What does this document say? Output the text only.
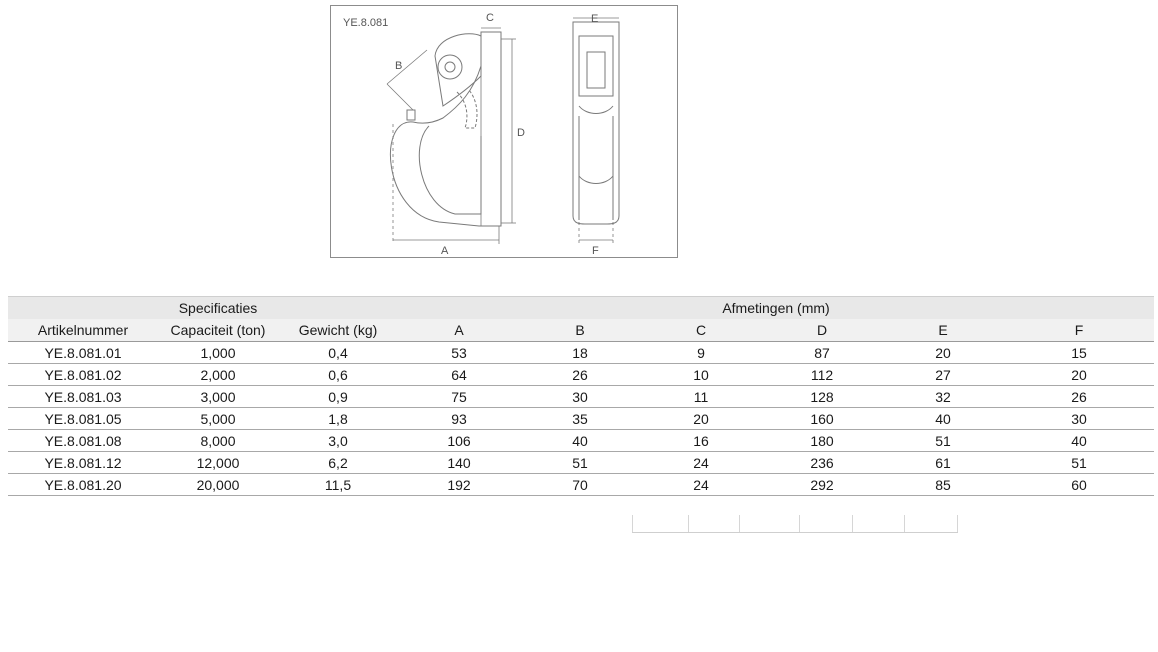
YE.8.081	C	E
B
D
A	F
	Specificaties		Afmetingen (mm)					
Artikelnummer	Capaciteit (ton)	Gewicht (kg)	A	B	C	D	E	F
YE.8.081.01	1,000	0,4	53	18	9	87	20	15
YE.8.081.02	2,000	0,6	64	26	10	112	27	20
YE.8.081.03	3,000	0,9	75	30	11	128	32	26
YE.8.081.05	5,000	1,8	93	35	20	160	40	30
YE.8.081.08	8,000	3,0	106	40	16	180	51	40
YE.8.081.12	12,000	6,2	140	51	24	236	61	51
YE.8.081.20	20,000	11,5	192	70	24	292	85	60
